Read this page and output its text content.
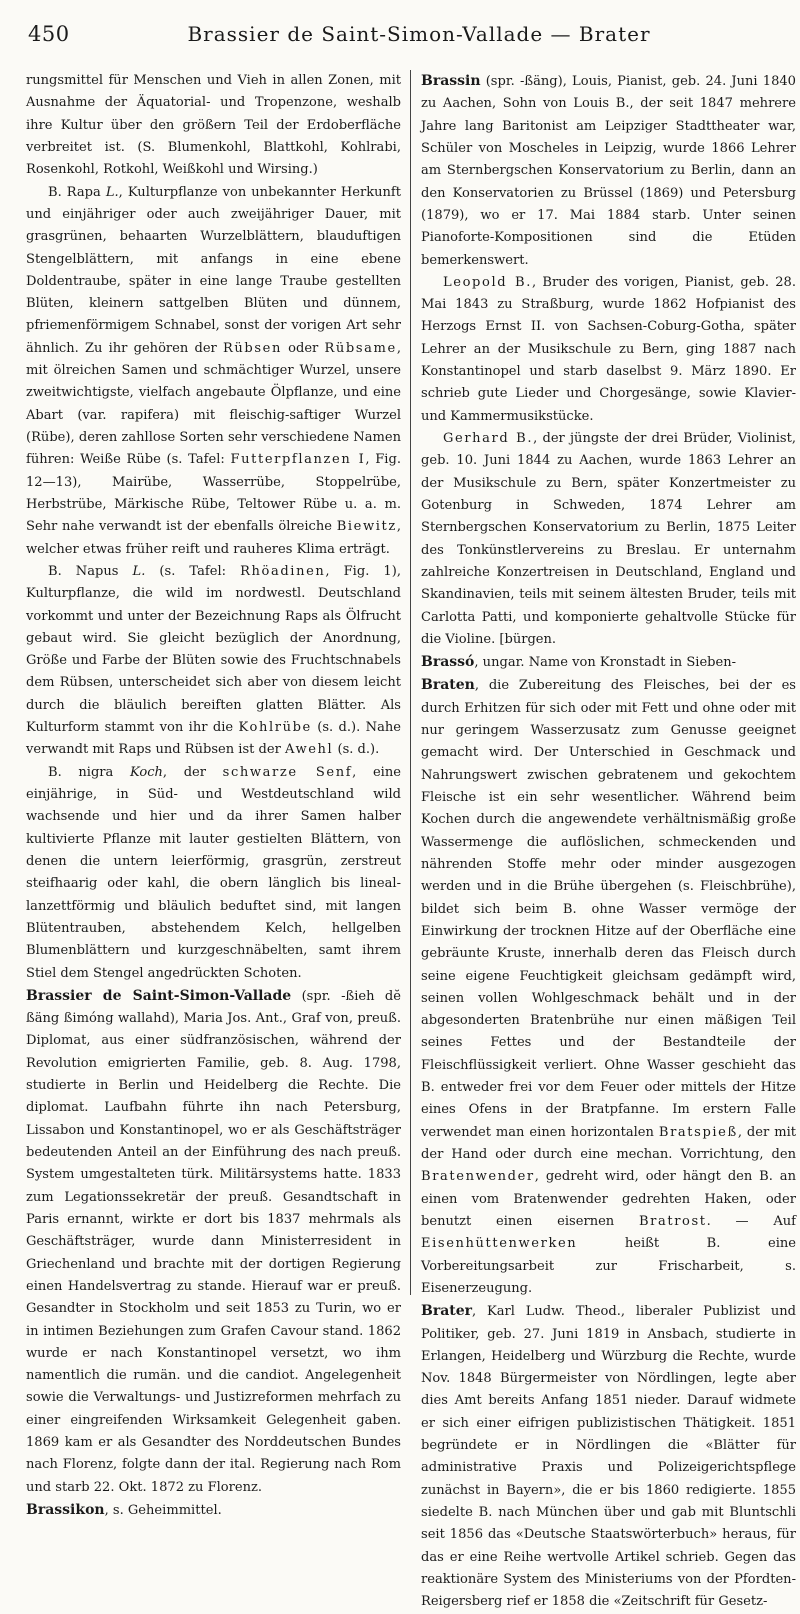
450	Brassier de Saint-Simon-Vallade — Brater

rungsmittel für Menschen und Vieh in allen Zonen, mit Ausnahme der Äquatorial- und Tropenzone, weshalb ihre Kultur über den größern Teil der Erdoberfläche verbreitet ist. (S. Blumenkohl, Blattkohl, Kohlrabi, Rosenkohl, Rotkohl, Weißkohl und Wirsing.)

B. Rapa L., Kulturpflanze von unbekannter Herkunft und einjähriger oder auch zweijähriger Dauer, mit grasgrünen, behaarten Wurzelblättern, blauduftigen Stengelblättern, mit anfangs in eine ebene Doldentraube, später in eine lange Traube gestellten Blüten, kleinern sattgelben Blüten und dünnem, pfriemenförmigem Schnabel, sonst der vorigen Art sehr ähnlich. Zu ihr gehören der Rübsen oder Rübsame, mit ölreichen Samen und schmächtiger Wurzel, unsere zweitwichtigste, vielfach angebaute Ölpflanze, und eine Abart (var. rapifera) mit fleischig-saftiger Wurzel (Rübe), deren zahllose Sorten sehr verschiedene Namen führen: Weiße Rübe (s. Tafel: Futterpflanzen I, Fig. 12—13), Mairübe, Wasserrübe, Stoppelrübe, Herbstrübe, Märkische Rübe, Teltower Rübe u. a. m. Sehr nahe verwandt ist der ebenfalls ölreiche Biewitz, welcher etwas früher reift und rauheres Klima erträgt.

B. Napus L. (s. Tafel: Rhöadinen, Fig. 1), Kulturpflanze, die wild im nordwestl. Deutschland vorkommt und unter der Bezeichnung Raps als Ölfrucht gebaut wird. Sie gleicht bezüglich der Anordnung, Größe und Farbe der Blüten sowie des Fruchtschnabels dem Rübsen, unterscheidet sich aber von diesem leicht durch die bläulich bereiften glatten Blätter. Als Kulturform stammt von ihr die Kohlrübe (s. d.). Nahe verwandt mit Raps und Rübsen ist der Awehl (s. d.).

B. nigra Koch, der schwarze Senf, eine einjährige, in Süd- und Westdeutschland wild wachsende und hier und da ihrer Samen halber kultivierte Pflanze mit lauter gestielten Blättern, von denen die untern leierförmig, grasgrün, zerstreut steifhaarig oder kahl, die obern länglich bis lineal-lanzettförmig und bläulich beduftet sind, mit langen Blütentrauben, abstehendem Kelch, hellgelben Blumenblättern und kurzgeschnäbelten, samt ihrem Stiel dem Stengel angedrückten Schoten.

Brassier de Saint-Simon-Vallade (spr. -ßieh dĕ ßäng ßimóng wallahd), Maria Jos. Ant., Graf von, preuß. Diplomat, aus einer südfranzösischen, während der Revolution emigrierten Familie, geb. 8. Aug. 1798, studierte in Berlin und Heidelberg die Rechte. Die diplomat. Laufbahn führte ihn nach Petersburg, Lissabon und Konstantinopel, wo er als Geschäftsträger bedeutenden Anteil an der Einführung des nach preuß. System umgestalteten türk. Militärsystems hatte. 1833 zum Legationssekretär der preuß. Gesandtschaft in Paris ernannt, wirkte er dort bis 1837 mehrmals als Geschäftsträger, wurde dann Ministerresident in Griechenland und brachte mit der dortigen Regierung einen Handelsvertrag zu stande. Hierauf war er preuß. Gesandter in Stockholm und seit 1853 zu Turin, wo er in intimen Beziehungen zum Grafen Cavour stand. 1862 wurde er nach Konstantinopel versetzt, wo ihm namentlich die rumän. und die candiot. Angelegenheit sowie die Verwaltungs- und Justizreformen mehrfach zu einer eingreifenden Wirksamkeit Gelegenheit gaben. 1869 kam er als Gesandter des Norddeutschen Bundes nach Florenz, folgte dann der ital. Regierung nach Rom und starb 22. Okt. 1872 zu Florenz.

Brassikon, s. Geheimmittel.

Brassin (spr. -ßäng), Louis, Pianist, geb. 24. Juni 1840 zu Aachen, Sohn von Louis B., der seit 1847 mehrere Jahre lang Baritonist am Leipziger Stadttheater war, Schüler von Moscheles in Leipzig, wurde 1866 Lehrer am Sternbergschen Konservatorium zu Berlin, dann an den Konservatorien zu Brüssel (1869) und Petersburg (1879), wo er 17. Mai 1884 starb. Unter seinen Pianoforte-Kompositionen sind die Etüden bemerkenswert.

Leopold B., Bruder des vorigen, Pianist, geb. 28. Mai 1843 zu Straßburg, wurde 1862 Hofpianist des Herzogs Ernst II. von Sachsen-Coburg-Gotha, später Lehrer an der Musikschule zu Bern, ging 1887 nach Konstantinopel und starb daselbst 9. März 1890. Er schrieb gute Lieder und Chorgesänge, sowie Klavier- und Kammermusikstücke.

Gerhard B., der jüngste der drei Brüder, Violinist, geb. 10. Juni 1844 zu Aachen, wurde 1863 Lehrer an der Musikschule zu Bern, später Konzertmeister zu Gotenburg in Schweden, 1874 Lehrer am Sternbergschen Konservatorium zu Berlin, 1875 Leiter des Tonkünstlervereins zu Breslau. Er unternahm zahlreiche Konzertreisen in Deutschland, England und Skandinavien, teils mit seinem ältesten Bruder, teils mit Carlotta Patti, und komponierte gehaltvolle Stücke für die Violine. [bürgen.

Brassó, ungar. Name von Kronstadt in Sieben-

Braten, die Zubereitung des Fleisches, bei der es durch Erhitzen für sich oder mit Fett und ohne oder mit nur geringem Wasserzusatz zum Genusse geeignet gemacht wird. Der Unterschied in Geschmack und Nahrungswert zwischen gebratenem und gekochtem Fleische ist ein sehr wesentlicher. Während beim Kochen durch die angewendete verhältnismäßig große Wassermenge die auflöslichen, schmeckenden und nährenden Stoffe mehr oder minder ausgezogen werden und in die Brühe übergehen (s. Fleischbrühe), bildet sich beim B. ohne Wasser vermöge der Einwirkung der trocknen Hitze auf der Oberfläche eine gebräunte Kruste, innerhalb deren das Fleisch durch seine eigene Feuchtigkeit gleichsam gedämpft wird, seinen vollen Wohlgeschmack behält und in der abgesonderten Bratenbrühe nur einen mäßigen Teil seines Fettes und der Bestandteile der Fleischflüssigkeit verliert. Ohne Wasser geschieht das B. entweder frei vor dem Feuer oder mittels der Hitze eines Ofens in der Bratpfanne. Im erstern Falle verwendet man einen horizontalen Bratspieß, der mit der Hand oder durch eine mechan. Vorrichtung, den Bratenwender, gedreht wird, oder hängt den B. an einen vom Bratenwender gedrehten Haken, oder benutzt einen eisernen Bratrost. — Auf Eisenhüttenwerken heißt B. eine Vorbereitungsarbeit zur Frischarbeit, s. Eisenerzeugung.

Brater, Karl Ludw. Theod., liberaler Publizist und Politiker, geb. 27. Juni 1819 in Ansbach, studierte in Erlangen, Heidelberg und Würzburg die Rechte, wurde Nov. 1848 Bürgermeister von Nördlingen, legte aber dies Amt bereits Anfang 1851 nieder. Darauf widmete er sich einer eifrigen publizistischen Thätigkeit. 1851 begründete er in Nördlingen die «Blätter für administrative Praxis und Polizeigerichtspflege zunächst in Bayern», die er bis 1860 redigierte. 1855 siedelte B. nach München über und gab mit Bluntschli seit 1856 das «Deutsche Staatswörterbuch» heraus, für das er eine Reihe wertvolle Artikel schrieb. Gegen das reaktionäre System des Ministeriums von der Pfordten-Reigersberg rief er 1858 die «Zeitschrift für Gesetz-
